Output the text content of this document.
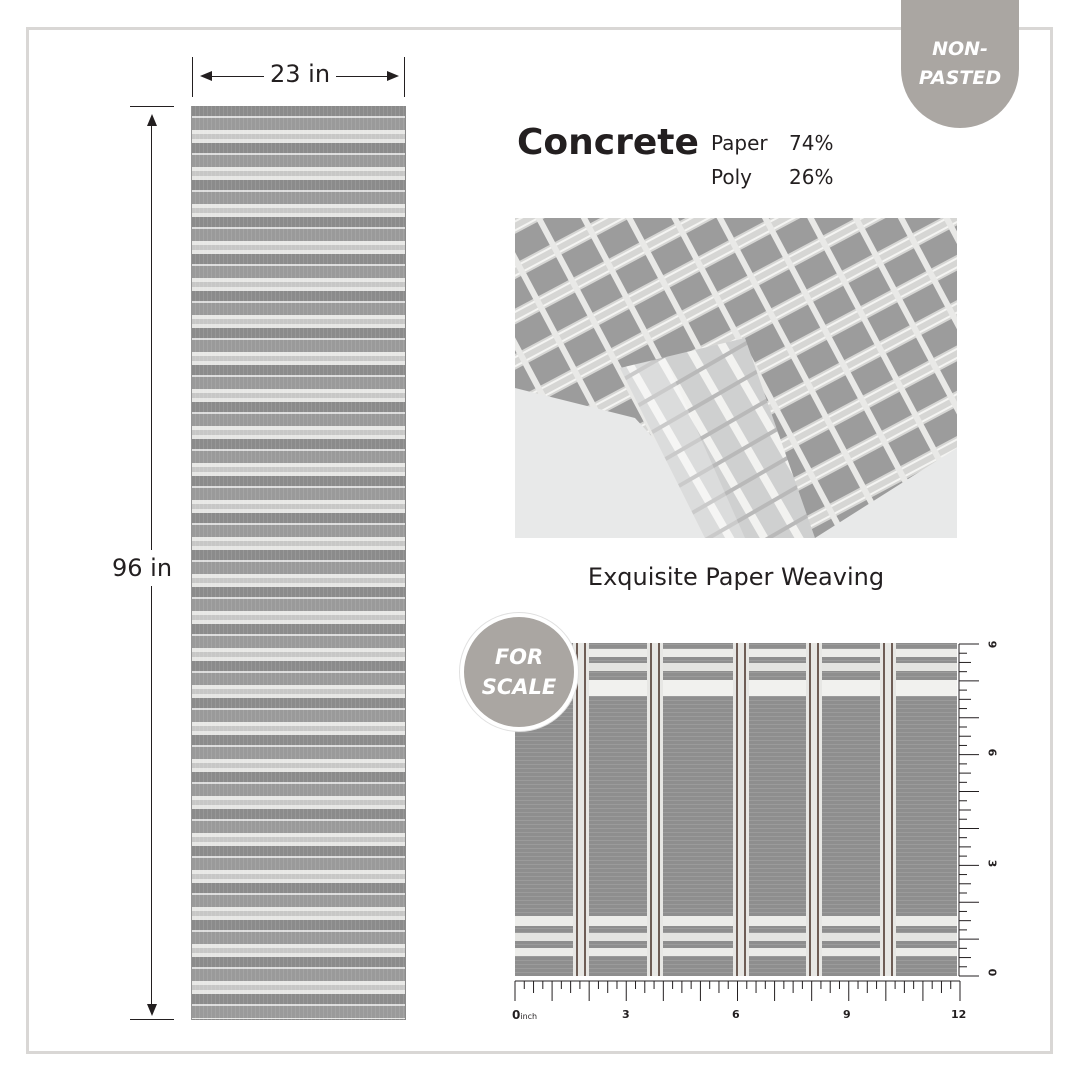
NON-
PASTED
23 in
96 in
Concrete Paper 74%
Poly 26%
Exquisite Paper Weaving
FOR
SCALE
0inch	3	6	9	12
0
3
6
9
